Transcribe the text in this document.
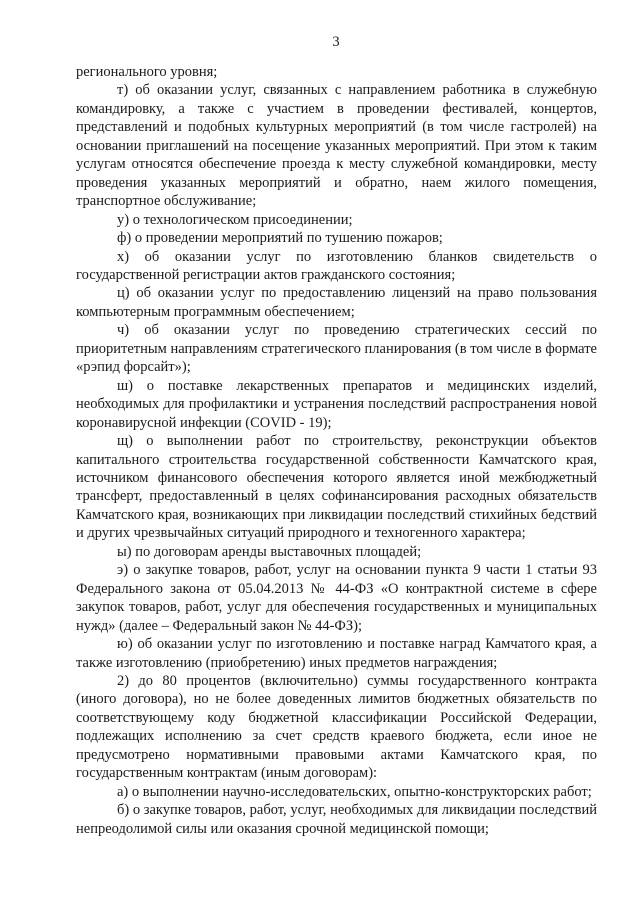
3

регионального уровня;

т) об оказании услуг, связанных с направлением работника в служебную командировку, а также с участием в проведении фестивалей, концертов, представлений и подобных культурных мероприятий (в том числе гастролей) на основании приглашений на посещение указанных мероприятий. При этом к таким услугам относятся обеспечение проезда к месту служебной командировки, месту проведения указанных мероприятий и обратно, наем жилого помещения, транспортное обслуживание;

у) о технологическом присоединении;

ф) о проведении мероприятий по тушению пожаров;

х) об оказании услуг по изготовлению бланков свидетельств о государственной регистрации актов гражданского состояния;

ц) об оказании услуг по предоставлению лицензий на право пользования компьютерным программным обеспечением;

ч) об оказании услуг по проведению стратегических сессий по приоритетным направлениям стратегического планирования (в том числе в формате «рэпид форсайт»);

ш) о поставке лекарственных препаратов и медицинских изделий, необходимых для профилактики и устранения последствий распространения новой коронавирусной инфекции (COVID - 19);

щ) о выполнении работ по строительству, реконструкции объектов капитального строительства государственной собственности Камчатского края, источником финансового обеспечения которого является иной межбюджетный трансферт, предоставленный в целях софинансирования расходных обязательств Камчатского края, возникающих при ликвидации последствий стихийных бедствий и других чрезвычайных ситуаций природного и техногенного характера;

ы) по договорам аренды выставочных площадей;

э) о закупке товаров, работ, услуг на основании пункта 9 части 1 статьи 93 Федерального закона от 05.04.2013 № 44-ФЗ «О контрактной системе в сфере закупок товаров, работ, услуг для обеспечения государственных и муниципальных нужд» (далее – Федеральный закон № 44-ФЗ);

ю) об оказании услуг по изготовлению и поставке наград Камчатого края, а также изготовлению (приобретению) иных предметов награждения;

2) до 80 процентов (включительно) суммы государственного контракта (иного договора), но не более доведенных лимитов бюджетных обязательств по соответствующему коду бюджетной классификации Российской Федерации, подлежащих исполнению за счет средств краевого бюджета, если иное не предусмотрено нормативными правовыми актами Камчатского края, по государственным контрактам (иным договорам):

а) о выполнении научно-исследовательских, опытно-конструкторских работ;

б) о закупке товаров, работ, услуг, необходимых для ликвидации последствий непреодолимой силы или оказания срочной медицинской помощи;
